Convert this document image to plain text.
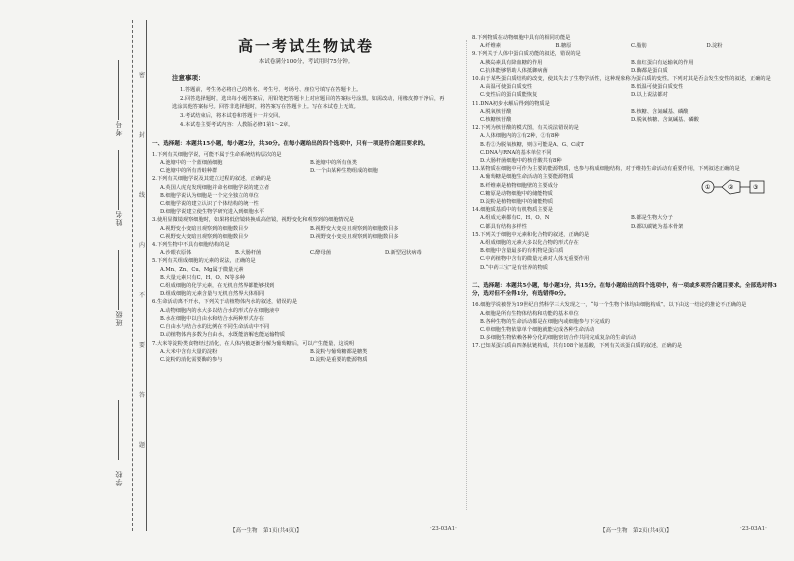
考号
姓名
班级
学校
密
封
线
内
不
要
答
题
高一考试生物试卷
本试卷满分100分，考试用时75分钟。
注意事项：

1.答题前，考生务必将自己的姓名、考生号、考场号、座位号填写在答题卡上。

2.回答选择题时，选出每小题答案后，用铅笔把答题卡上对应题目的答案标号涂黑。如需改动，用橡皮擦干净后，再选涂其他答案标号。回答非选择题时，将答案写在答题卡上。写在本试卷上无效。

3.考试结束后，将本试卷和答题卡一并交回。

4.本试卷主要考试内容：人教版必修1第1～2章。

一、选择题：本题共15小题，每小题2分，共30分。在每小题给出的四个选项中，只有一项是符合题目要求的。
1.下列有关细胞学说，可能不属于生命系统结构层次的是
A.池塘中的一个蓝细菌细胞	B.池塘中的所有鱼类
C.池塘中的所有青蛙种群	D.一个由某种生物组成的细胞
2.下列有关细胞学说及其建立过程的叙述，正确的是
A.英国人虎克发现细胞并命名细胞学说的建立者
B.细胞学说认为细胞是一个完全独立的单位
C.细胞学说的建立认识了个体结构的统一性
D.细胞学说建立使生物学研究进入到细胞水平
3.使用显微镜观察细胞时，如果将低倍镜转换成高倍镜，视野变化和观察到的细胞情况是
A.视野变小变暗且观察到的细胞数目少	B.视野变大变亮且观察到的细胞数目多
C.视野变大变暗且观察到的细胞数目少	D.视野变小变亮且观察到的细胞数目多
4.下列生物中不具有细胞结构的是
A.沙眼衣原体	B.大肠杆菌	C.酵母菌	D.新型冠状病毒
5.下列有关组成细胞的元素的说法，正确的是
A.Mn、Zn、Cu、Mg属于微量元素
B.大量元素只有C、H、O、N等多种
C.组成细胞的化学元素，在无机自然界都能够找到
D.组成细胞的元素含量与无机自然界大体相同
6.生命活动离不开水，下列关于动植物体内水的叙述，错误的是
A.动物细胞内的水大多以结合水的形式存在细胞液中
B.水在细胞中以自由水和结合水两种形式存在
C.自由水与结合水的比例在不同生命活动中不同
D.动植物体内多数为自由水，水既能溶解也能运输物质
7.大米等淀粉类食物经过消化，在人体内被逐渐分解为葡萄糖后，可以产生能量，这说明
A.大米中含有大量的淀粉	B.淀粉与葡萄糖都是糖类
C.淀粉的消化需要酶的参与	D.淀粉是重要的能源物质
8.下列物质在动物细胞中具有的相同功能是
A.纤维素	B.糖原	C.脂肪	D.淀粉
9.下列关于人体中蛋白质功能的叙述，错误的是
A.胰岛素具有降血糖的作用	B.血红蛋白有运输氧的作用
C.抗体能够帮助人体抵御病菌	D.酶都是蛋白质
10.由于某些蛋白质结构的改变，使其失去了生物学活性，这种现象称为蛋白质的变性。下列对其是否会发生变性的叙述，正确的是
A.高温可使蛋白质变性	B.低温可使蛋白质变性
C.变性后的蛋白质能恢复	D.以上说法都对
11.DNA初步水解后得到的物质是
A.脱氧核苷酸	B.核糖、含氮碱基、磷酸
C.核糖核苷酸	D.脱氧核糖、含氮碱基、磷酸
12.下列为核苷酸的模式图，有关说法错误的是
A.人体细胞内的①有2种，②有8种
B.若②为脱氧核糖，则③可能是A、G、C或T
C.DNA与RNA的基本单位不同
D.大肠杆菌细胞中的核苷酸共有8种
13.某物质在细胞中可作为主要的能源物质，也参与构成细胞结构，对于维持生命活动有重要作用，下列叙述正确的是
A.葡萄糖是细胞生命活动的主要能源物质
B.纤维素是植物细胞壁的主要成分
C.糖原是动物细胞中的储能物质
D.淀粉是植物细胞中的储能物质
14.细胞质基质中的有机物质主要是
A.组成元素都有C、H、O、N	B.都是生物大分子
C.都具有结构多样性	D.都以碳链为基本骨架
15.下列关于细胞中元素和化合物的叙述，正确的是
A.组成细胞的元素大多以化合物的形式存在
B.细胞中含量最多的有机物是蛋白质
C.中药植物中含有的微量元素对人体无重要作用
D.“中药三宝”是有营养的物质
二、选择题：本题共5小题，每小题3分，共15分。在每小题给出的四个选项中，有一项或多项符合题目要求。全部选对得3分，选对但不全得1分，有选错得0分。
16.细胞学说被誉为19世纪自然科学三大发现之一，“每一个生物个体均由细胞构成”。以下由这一结论的推论不正确的是
A.细胞是所有生物体结构和功能的基本单位
B.各种生物的生命活动都是在细胞内或细胞参与下完成的
C.单细胞生物依靠单个细胞就能完成各种生命活动
D.多细胞生物依赖各种分化的细胞密切合作共同完成复杂的生命活动
17.已知某蛋白质由四条肽链构成，共有108个氨基酸，下列有关该蛋白质的叙述，正确的是
①	②	③
【高一生物　第1页(共4页)】	·23-03A1·	【高一生物　第2页(共4页)】	·23-03A1·
